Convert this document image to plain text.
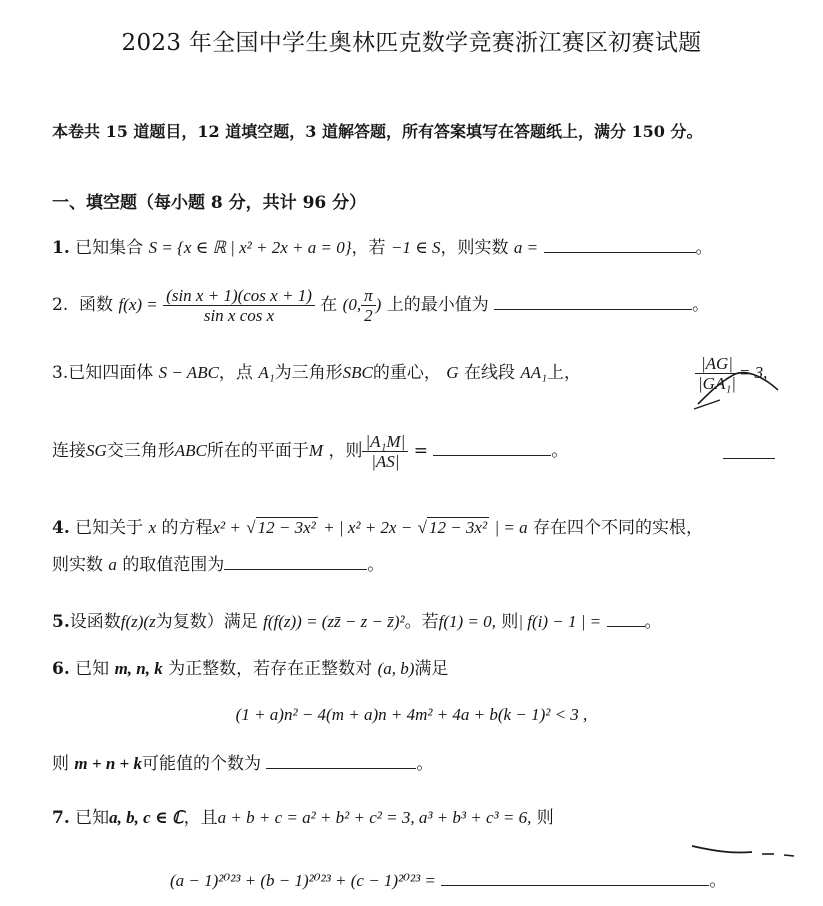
2023 年全国中学生奥林匹克数学竞赛浙江赛区初赛试题
本卷共 15 道题目，12 道填空题，3 道解答题，所有答案填写在答题纸上，满分 150 分。
一、填空题（每小题 8 分，共计 96 分）
1. 已知集合 S = {x ∈ ℝ | x² + 2x + a = 0}，若 −1 ∈ S，则实数 a =	。
2. 函数 $f(x) = \frac{\text{(sin x + 1)(cos x + 1)}}{\text{sin x cos x}}$ 在 (0, $\frac{\pi}{2}$ ) 上的最小值为	。
3.已知四面体 S − ABC，点 A₁为三角形SBC的重心， G 在线段 AA₁上，	$\frac{|AG|}{\text{|GA₁|}} = 3$,
连接SG交三角形ABC所在的平面于M ，则 $\frac{\text{|A₁M|}}{|AS|}$ =	。
4. 已知关于 x 的方程x² + √ 12 − 3x² + | x² + 2x − √ 12 − 3x² | = a 存在四个不同的实根，
则实数 a 的取值范围为	。
5.设函数f(z)(z为复数）满足 f(f(z)) = (zz̄ − z − z̄)²。若f(1) = 0, 则| f(i) − 1 | =	。
6. 已知 m, n, k 为正整数，若存在正整数对 (a, b)满足
(1 + a)n² − 4(m + a)n + 4m² + 4a + b(k − 1)² < 3 ,
则 m + n + k可能值的个数为	。
7. 已知a, b, c ∈ ℂ，且a + b + c = a² + b² + c² = 3, a³ + b³ + c³ = 6, 则
(a − 1)²⁰²³ + (b − 1)²⁰²³ + (c − 1)²⁰²³ =	。
